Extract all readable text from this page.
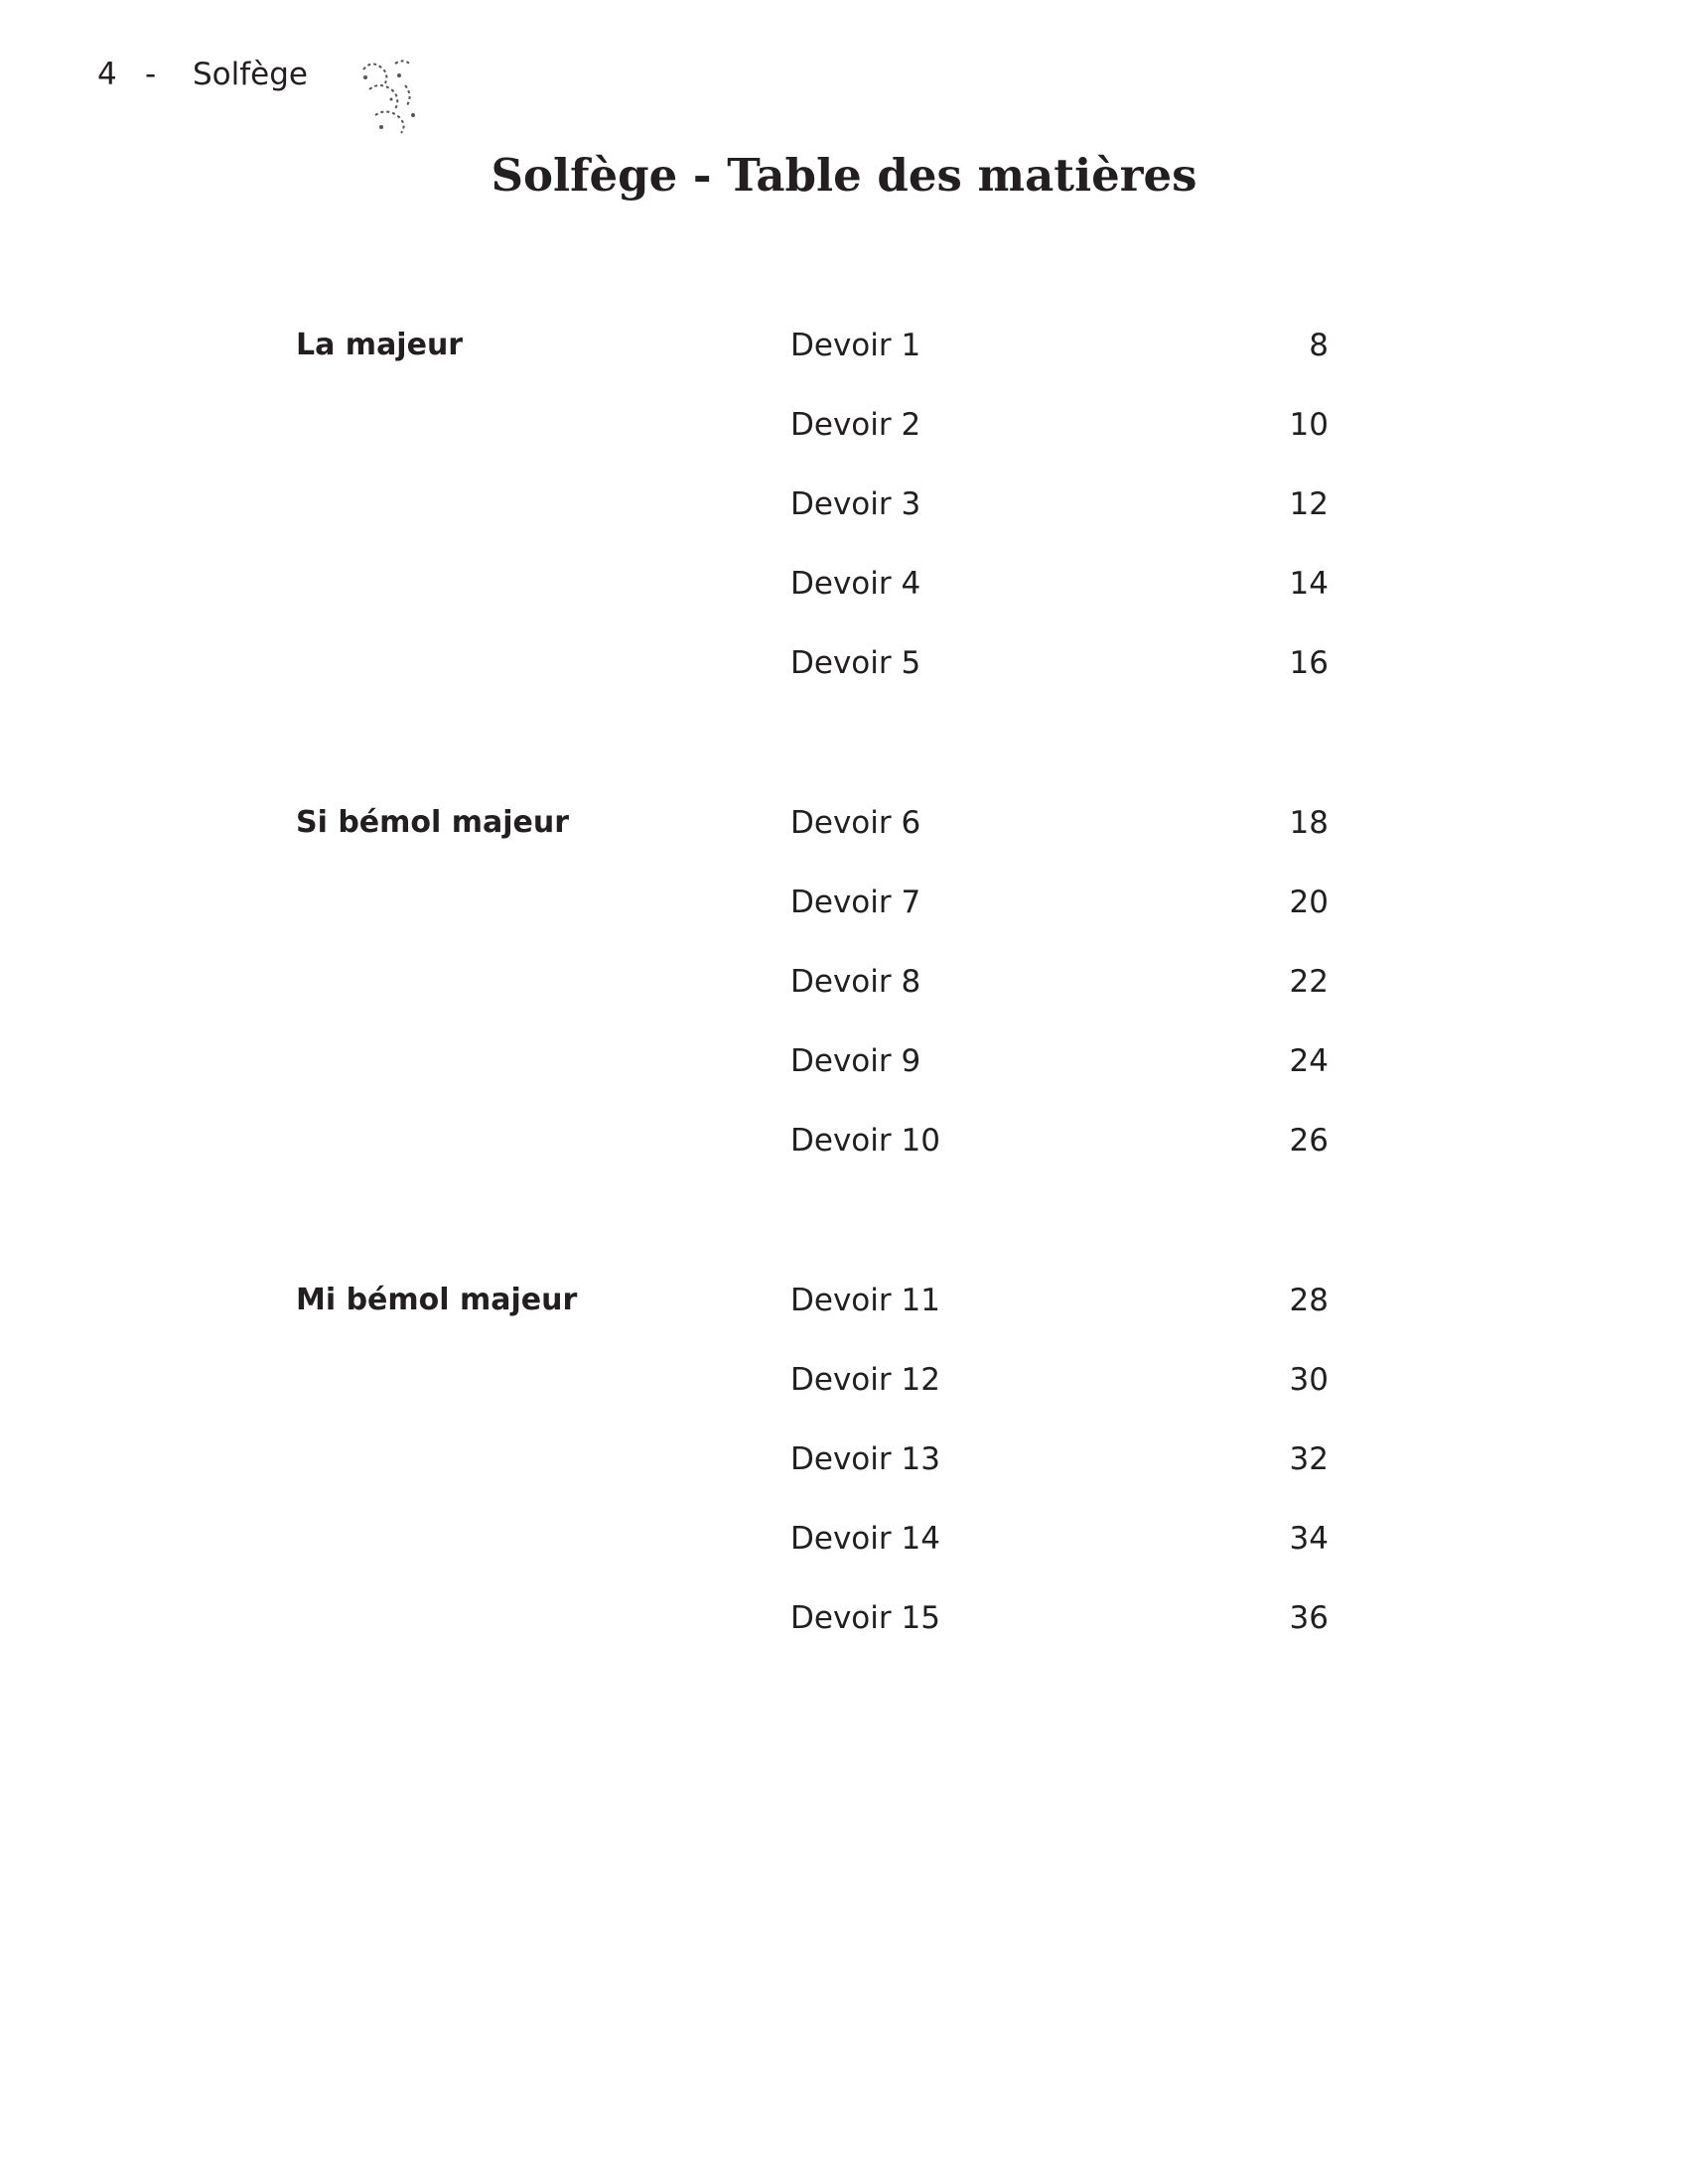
4 -	Solfège
Solfège - Table des matières
La majeur	Devoir 1	8
Devoir 2	10
Devoir 3	12
Devoir 4	14
Devoir 5	16
Si bémol majeur	Devoir 6	18
Devoir 7	20
Devoir 8	22
Devoir 9	24
Devoir 10	26
Mi bémol majeur	Devoir 11	28
Devoir 12	30
Devoir 13	32
Devoir 14	34
Devoir 15	36
